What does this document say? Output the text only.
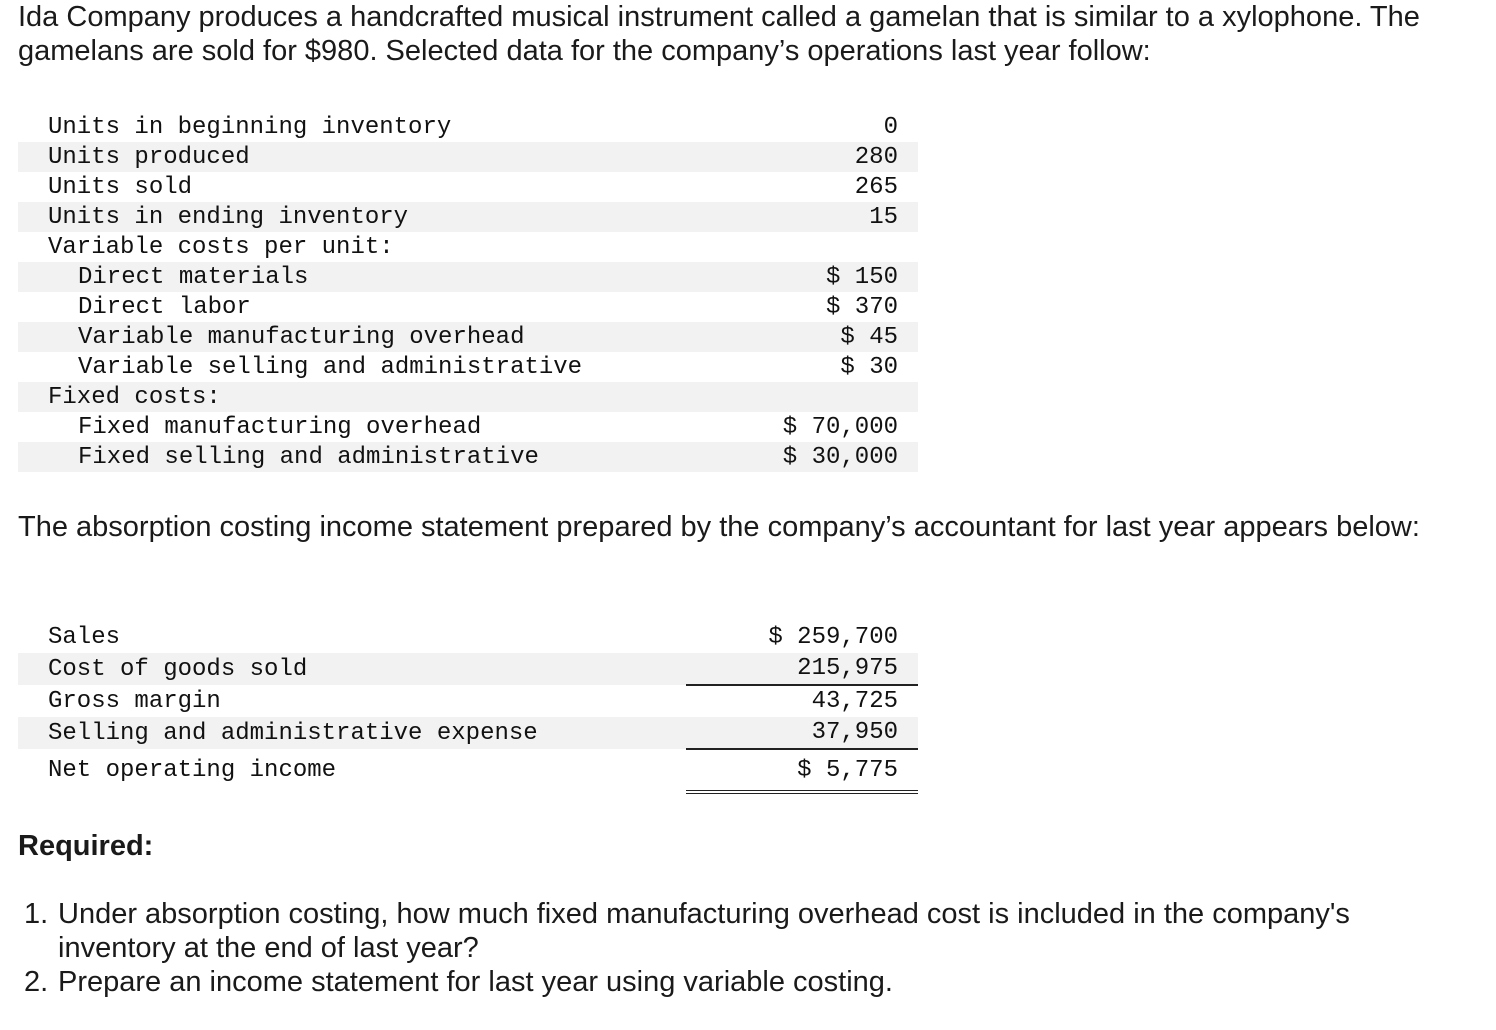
Ida Company produces a handcrafted musical instrument called a gamelan that is similar to a xylophone. The gamelans are sold for $980. Selected data for the company’s operations last year follow:

Units in beginning inventory	0
Units produced	280
Units sold	265
Units in ending inventory	15
Variable costs per unit:	
Direct materials	$ 150
Direct labor	$ 370
Variable manufacturing overhead	$ 45
Variable selling and administrative	$ 30
Fixed costs:	
Fixed manufacturing overhead	$ 70,000
Fixed selling and administrative	$ 30,000

The absorption costing income statement prepared by the company’s accountant for last year appears below:

Sales	$ 259,700
Cost of goods sold	215,975
Gross margin	43,725
Selling and administrative expense	37,950
Net operating income	$ 5,775
Required:
1. Under absorption costing, how much fixed manufacturing overhead cost is included in the company's inventory at the end of last year?
2. Prepare an income statement for last year using variable costing.
